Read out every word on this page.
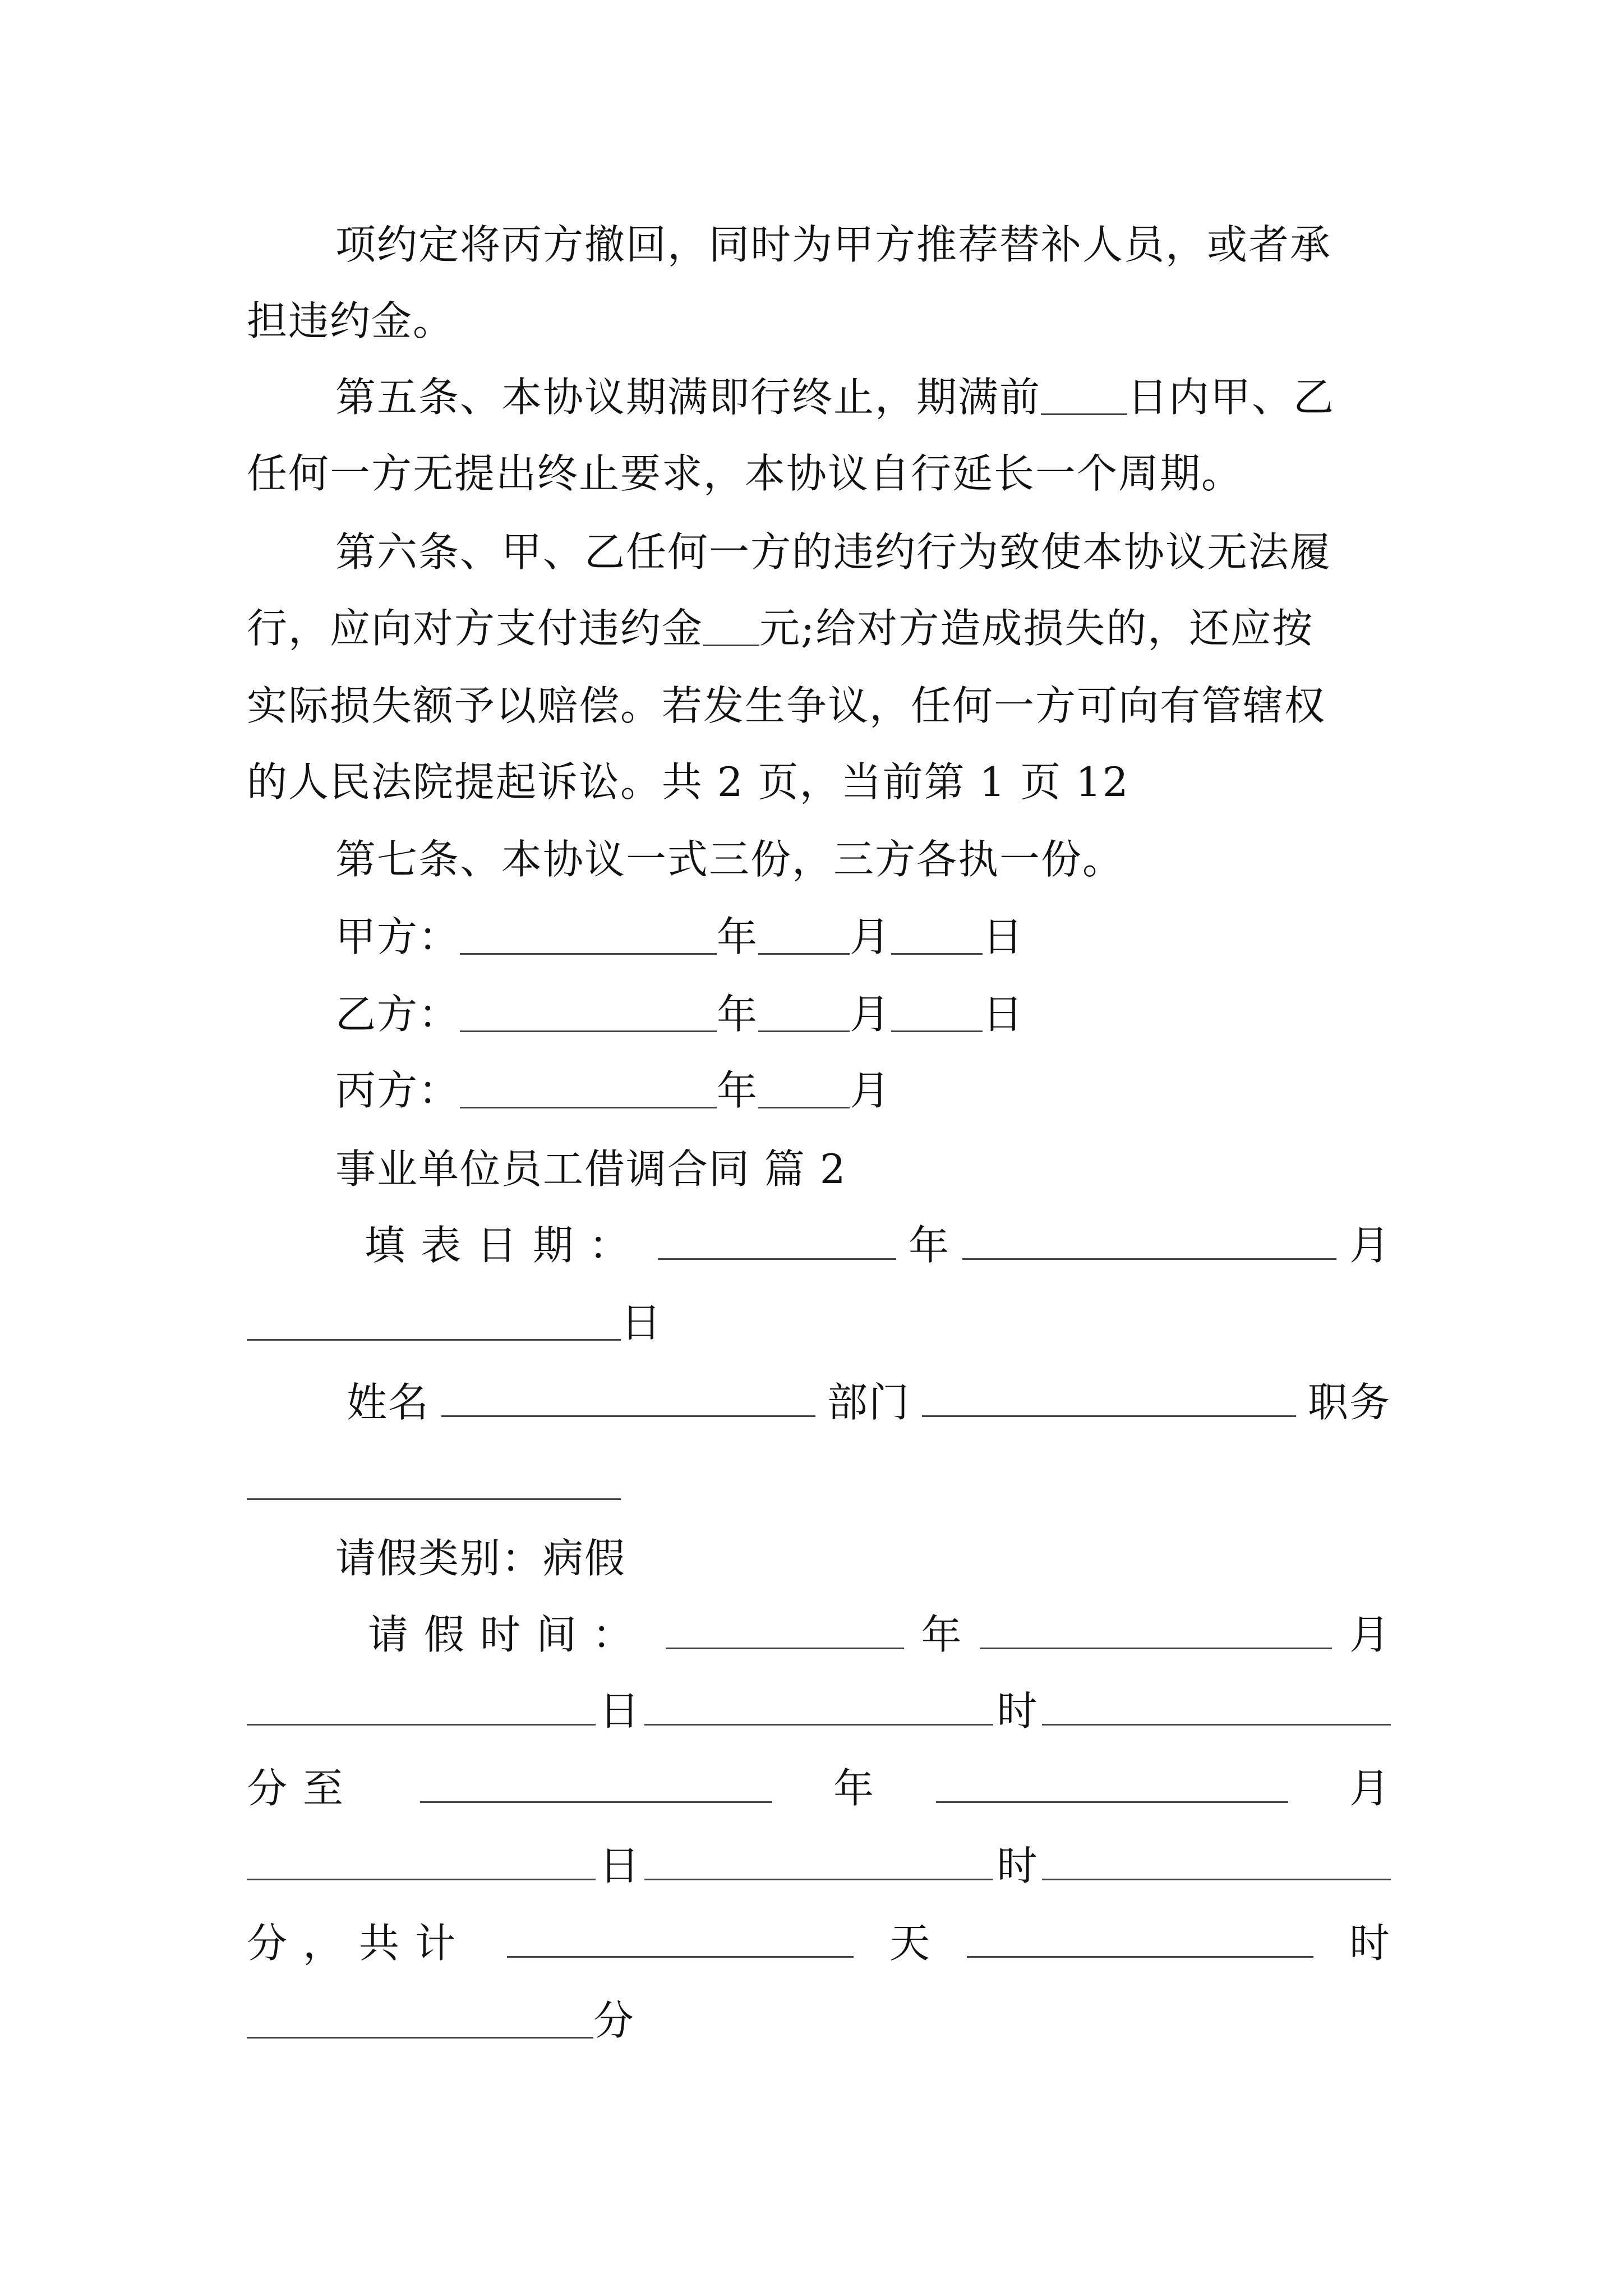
项约定将丙方撤回，同时为甲方推荐替补人员，或者承
担违约金。
第五条、本协议期满即行终止，期满前 日内甲、乙
任何一方无提出终止要求，本协议自行延长一个周期。
第六条、甲、乙任何一方的违约行为致使本协议无法履
行，应向对方支付违约金 元;给对方造成损失的，还应按
实际损失额予以赔偿。若发生争议，任何一方可向有管辖权
的人民法院提起诉讼。共 2 页，当前第 1 页 12
第七条、本协议一式三份，三方各执一份。
甲方：	年 月 日
乙方：	年 月 日
丙方：	年 月
事业单位员工借调合同 篇 2
填表日期：	年	月
日
姓名	部门	职务
请假类别：病假
请假时间：	年	月
日	时
分至	年	月
日	时
分，共计	天	时
分
